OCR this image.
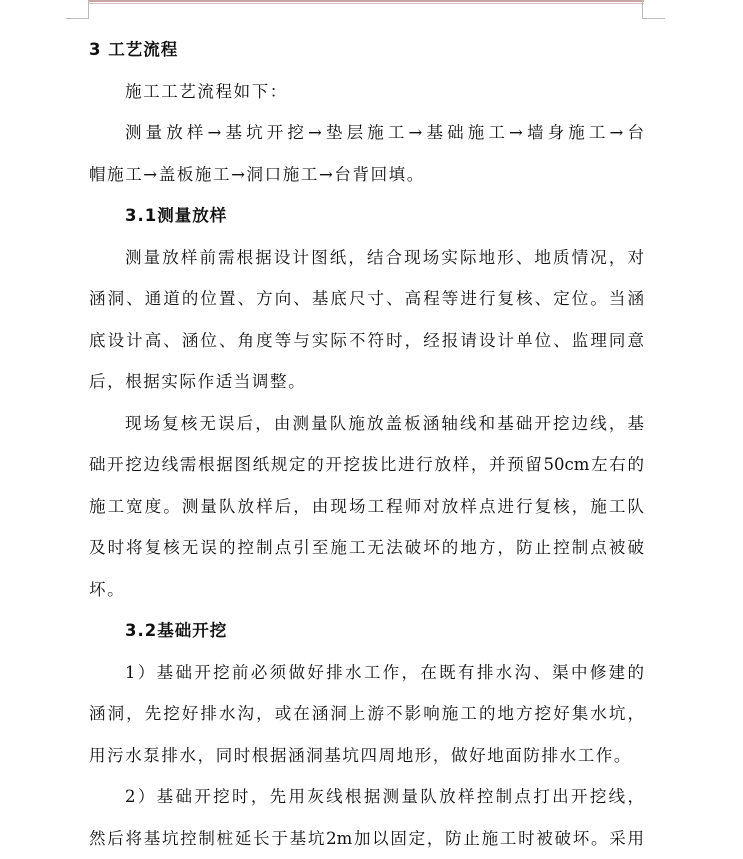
3 工艺流程

施工工艺流程如下：

测量放样→基坑开挖→垫层施工→基础施工→墙身施工→台

帽施工→盖板施工→洞口施工→台背回填。

3.1测量放样

测量放样前需根据设计图纸，结合现场实际地形、地质情况，对

涵洞、通道的位置、方向、基底尺寸、高程等进行复核、定位。当涵

底设计高、涵位、角度等与实际不符时，经报请设计单位、监理同意

后，根据实际作适当调整。

现场复核无误后，由测量队施放盖板涵轴线和基础开挖边线，基

础开挖边线需根据图纸规定的开挖拔比进行放样，并预留50cm左右的

施工宽度。测量队放样后，由现场工程师对放样点进行复核，施工队

及时将复核无误的控制点引至施工无法破坏的地方，防止控制点被破

坏。

3.2基础开挖

1）基础开挖前必须做好排水工作，在既有排水沟、渠中修建的

涵洞，先挖好排水沟，或在涵洞上游不影响施工的地方挖好集水坑，

用污水泵排水，同时根据涵洞基坑四周地形，做好地面防排水工作。

2）基础开挖时，先用灰线根据测量队放样控制点打出开挖线，

然后将基坑控制桩延长于基坑2m加以固定，防止施工时被破坏。采用
